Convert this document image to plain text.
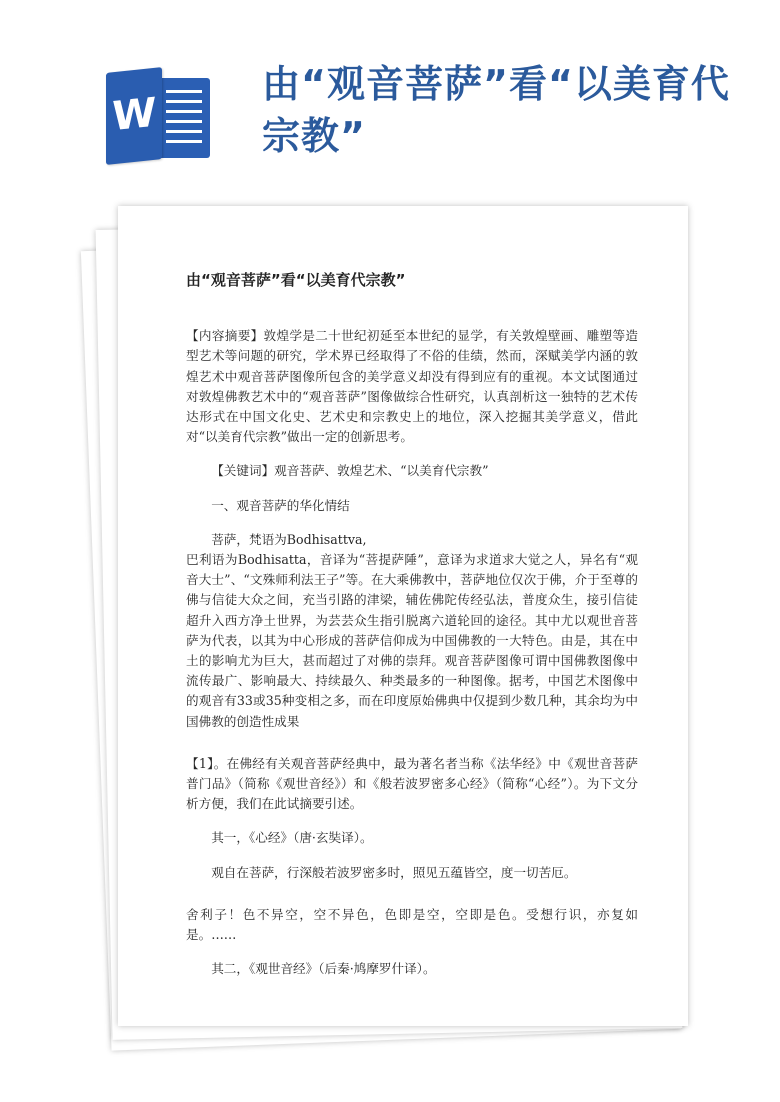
W
由“观音菩萨”看“以美育代宗教”
由“观音菩萨”看“以美育代宗教”

【内容摘要】敦煌学是二十世纪初延至本世纪的显学，有关敦煌壁画、雕塑等造型艺术等问题的研究，学术界已经取得了不俗的佳绩，然而，深赋美学内涵的敦煌艺术中观音菩萨图像所包含的美学意义却没有得到应有的重视。本文试图通过对敦煌佛教艺术中的“观音菩萨”图像做综合性研究，认真剖析这一独特的艺术传达形式在中国文化史、艺术史和宗教史上的地位，深入挖掘其美学意义，借此对“以美育代宗教”做出一定的创新思考。

【关键词】观音菩萨、敦煌艺术、“以美育代宗教”

一、观音菩萨的华化情结

菩萨，梵语为Bodhisattva,

巴利语为Bodhisatta，音译为“菩提萨陲”，意译为求道求大觉之人，异名有“观音大士”、“文殊师利法王子”等。在大乘佛教中，菩萨地位仅次于佛，介于至尊的佛与信徒大众之间，充当引路的津梁，辅佐佛陀传经弘法，普度众生，接引信徒超升入西方净土世界，为芸芸众生指引脱离六道轮回的途径。其中尤以观世音菩萨为代表，以其为中心形成的菩萨信仰成为中国佛教的一大特色。由是，其在中土的影响尤为巨大，甚而超过了对佛的崇拜。观音菩萨图像可谓中国佛教图像中流传最广、影响最大、持续最久、种类最多的一种图像。据考，中国艺术图像中的观音有33或35种变相之多，而在印度原始佛典中仅提到少数几种，其余均为中国佛教的创造性成果

【1】。在佛经有关观音菩萨经典中，最为著名者当称《法华经》中《观世音菩萨普门品》（简称《观世音经》）和《般若波罗密多心经》（简称“心经”）。为下文分析方便，我们在此试摘要引述。

其一，《心经》（唐·玄奘译）。

观自在菩萨，行深般若波罗密多时，照见五蕴皆空，度一切苦厄。

舍利子！色不异空，空不异色，色即是空，空即是色。受想行识，亦复如是。……

其二，《观世音经》（后秦·鸠摩罗什译）。
